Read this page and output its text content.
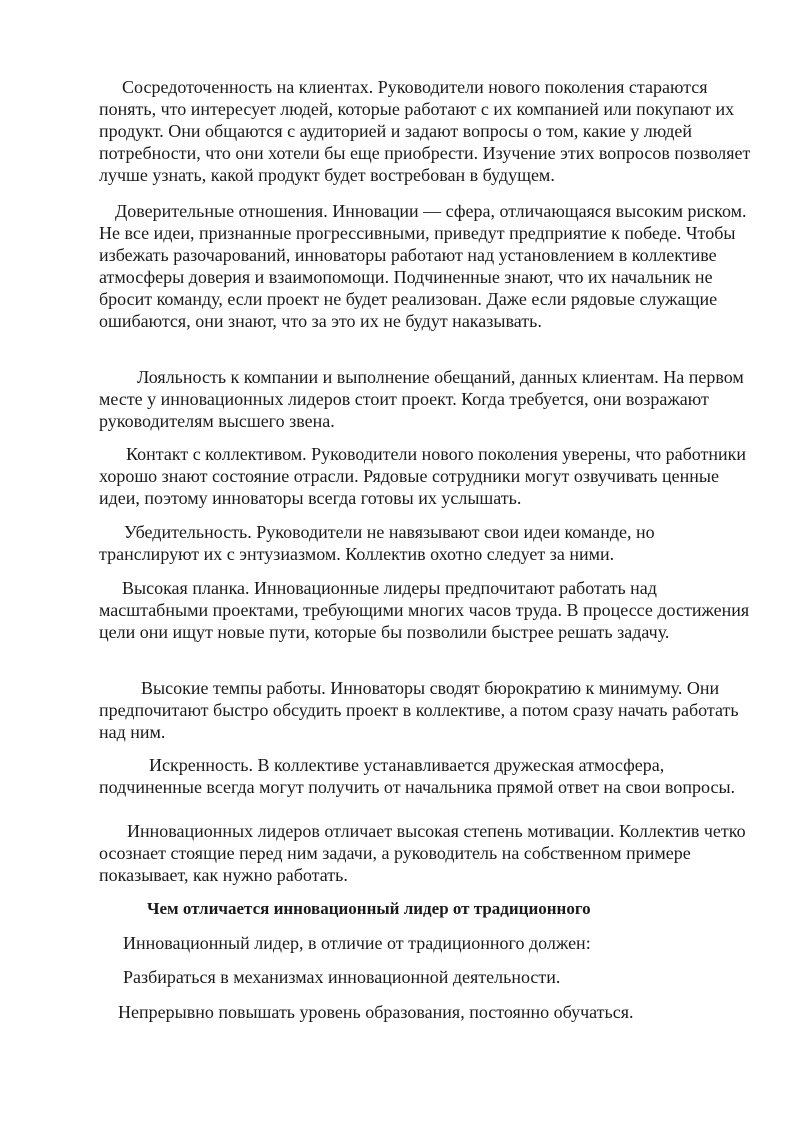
Сосредоточенность на клиентах. Руководители нового поколения стараются понять, что интересует людей, которые работают с их компанией или покупают их продукт. Они общаются с аудиторией и задают вопросы о том, какие у людей потребности, что они хотели бы еще приобрести. Изучение этих вопросов позволяет лучше узнать, какой продукт будет востребован в будущем.

Доверительные отношения. Инновации — сфера, отличающаяся высоким риском. Не все идеи, признанные прогрессивными, приведут предприятие к победе. Чтобы избежать разочарований, инноваторы работают над установлением в коллективе атмосферы доверия и взаимопомощи. Подчиненные знают, что их начальник не бросит команду, если проект не будет реализован. Даже если рядовые служащие ошибаются, они знают, что за это их не будут наказывать.

Лояльность к компании и выполнение обещаний, данных клиентам. На первом месте у инновационных лидеров стоит проект. Когда требуется, они возражают руководителям высшего звена.

Контакт с коллективом. Руководители нового поколения уверены, что работники хорошо знают состояние отрасли. Рядовые сотрудники могут озвучивать ценные идеи, поэтому инноваторы всегда готовы их услышать.

Убедительность. Руководители не навязывают свои идеи команде, но транслируют их с энтузиазмом. Коллектив охотно следует за ними.

Высокая планка. Инновационные лидеры предпочитают работать над масштабными проектами, требующими многих часов труда. В процессе достижения цели они ищут новые пути, которые бы позволили быстрее решать задачу.

Высокие темпы работы. Инноваторы сводят бюрократию к минимуму. Они предпочитают быстро обсудить проект в коллективе, а потом сразу начать работать над ним.

Искренность. В коллективе устанавливается дружеская атмосфера, подчиненные всегда могут получить от начальника прямой ответ на свои вопросы.

Инновационных лидеров отличает высокая степень мотивации. Коллектив четко осознает стоящие перед ним задачи, а руководитель на собственном примере показывает, как нужно работать.

Чем отличается инновационный лидер от традиционного

Инновационный лидер, в отличие от традиционного должен:

Разбираться в механизмах инновационной деятельности.

Непрерывно повышать уровень образования, постоянно обучаться.
